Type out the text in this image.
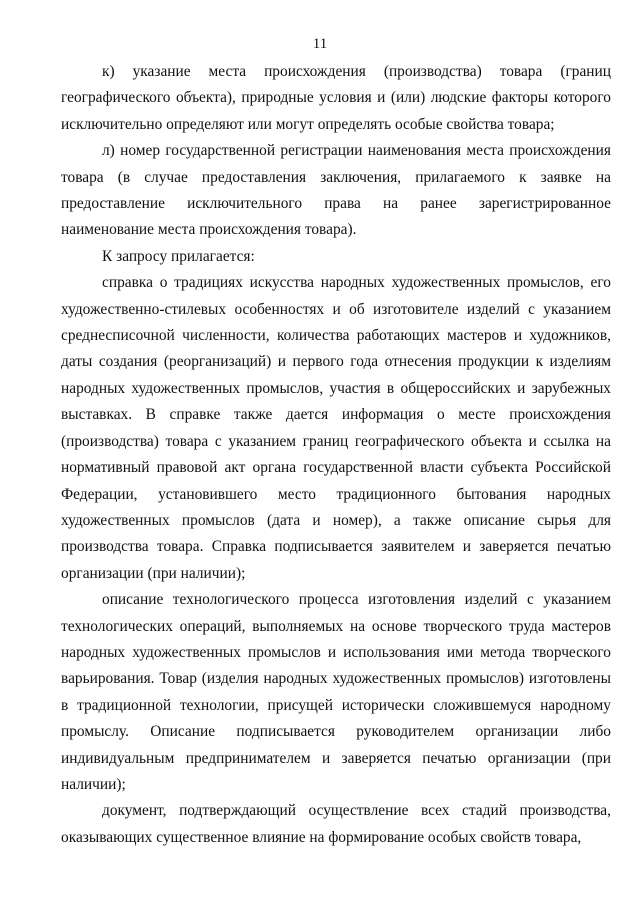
11

к) указание места происхождения (производства) товара (границ географического объекта), природные условия и (или) людские факторы которого исключительно определяют или могут определять особые свойства товара;

л) номер государственной регистрации наименования места происхождения товара (в случае предоставления заключения, прилагаемого к заявке на предоставление исключительного права на ранее зарегистрированное наименование места происхождения товара).

К запросу прилагается:

справка о традициях искусства народных художественных промыслов, его художественно-стилевых особенностях и об изготовителе изделий с указанием среднесписочной численности, количества работающих мастеров и художников, даты создания (реорганизаций) и первого года отнесения продукции к изделиям народных художественных промыслов, участия в общероссийских и зарубежных выставках. В справке также дается информация о месте происхождения (производства) товара с указанием границ географического объекта и ссылка на нормативный правовой акт органа государственной власти субъекта Российской Федерации, установившего место традиционного бытования народных художественных промыслов (дата и номер), а также описание сырья для производства товара. Справка подписывается заявителем и заверяется печатью организации (при наличии);

описание технологического процесса изготовления изделий с указанием технологических операций, выполняемых на основе творческого труда мастеров народных художественных промыслов и использования ими метода творческого варьирования. Товар (изделия народных художественных промыслов) изготовлены в традиционной технологии, присущей исторически сложившемуся народному промыслу. Описание подписывается руководителем организации либо индивидуальным предпринимателем и заверяется печатью организации (при наличии);

документ, подтверждающий осуществление всех стадий производства, оказывающих существенное влияние на формирование особых свойств товара,
